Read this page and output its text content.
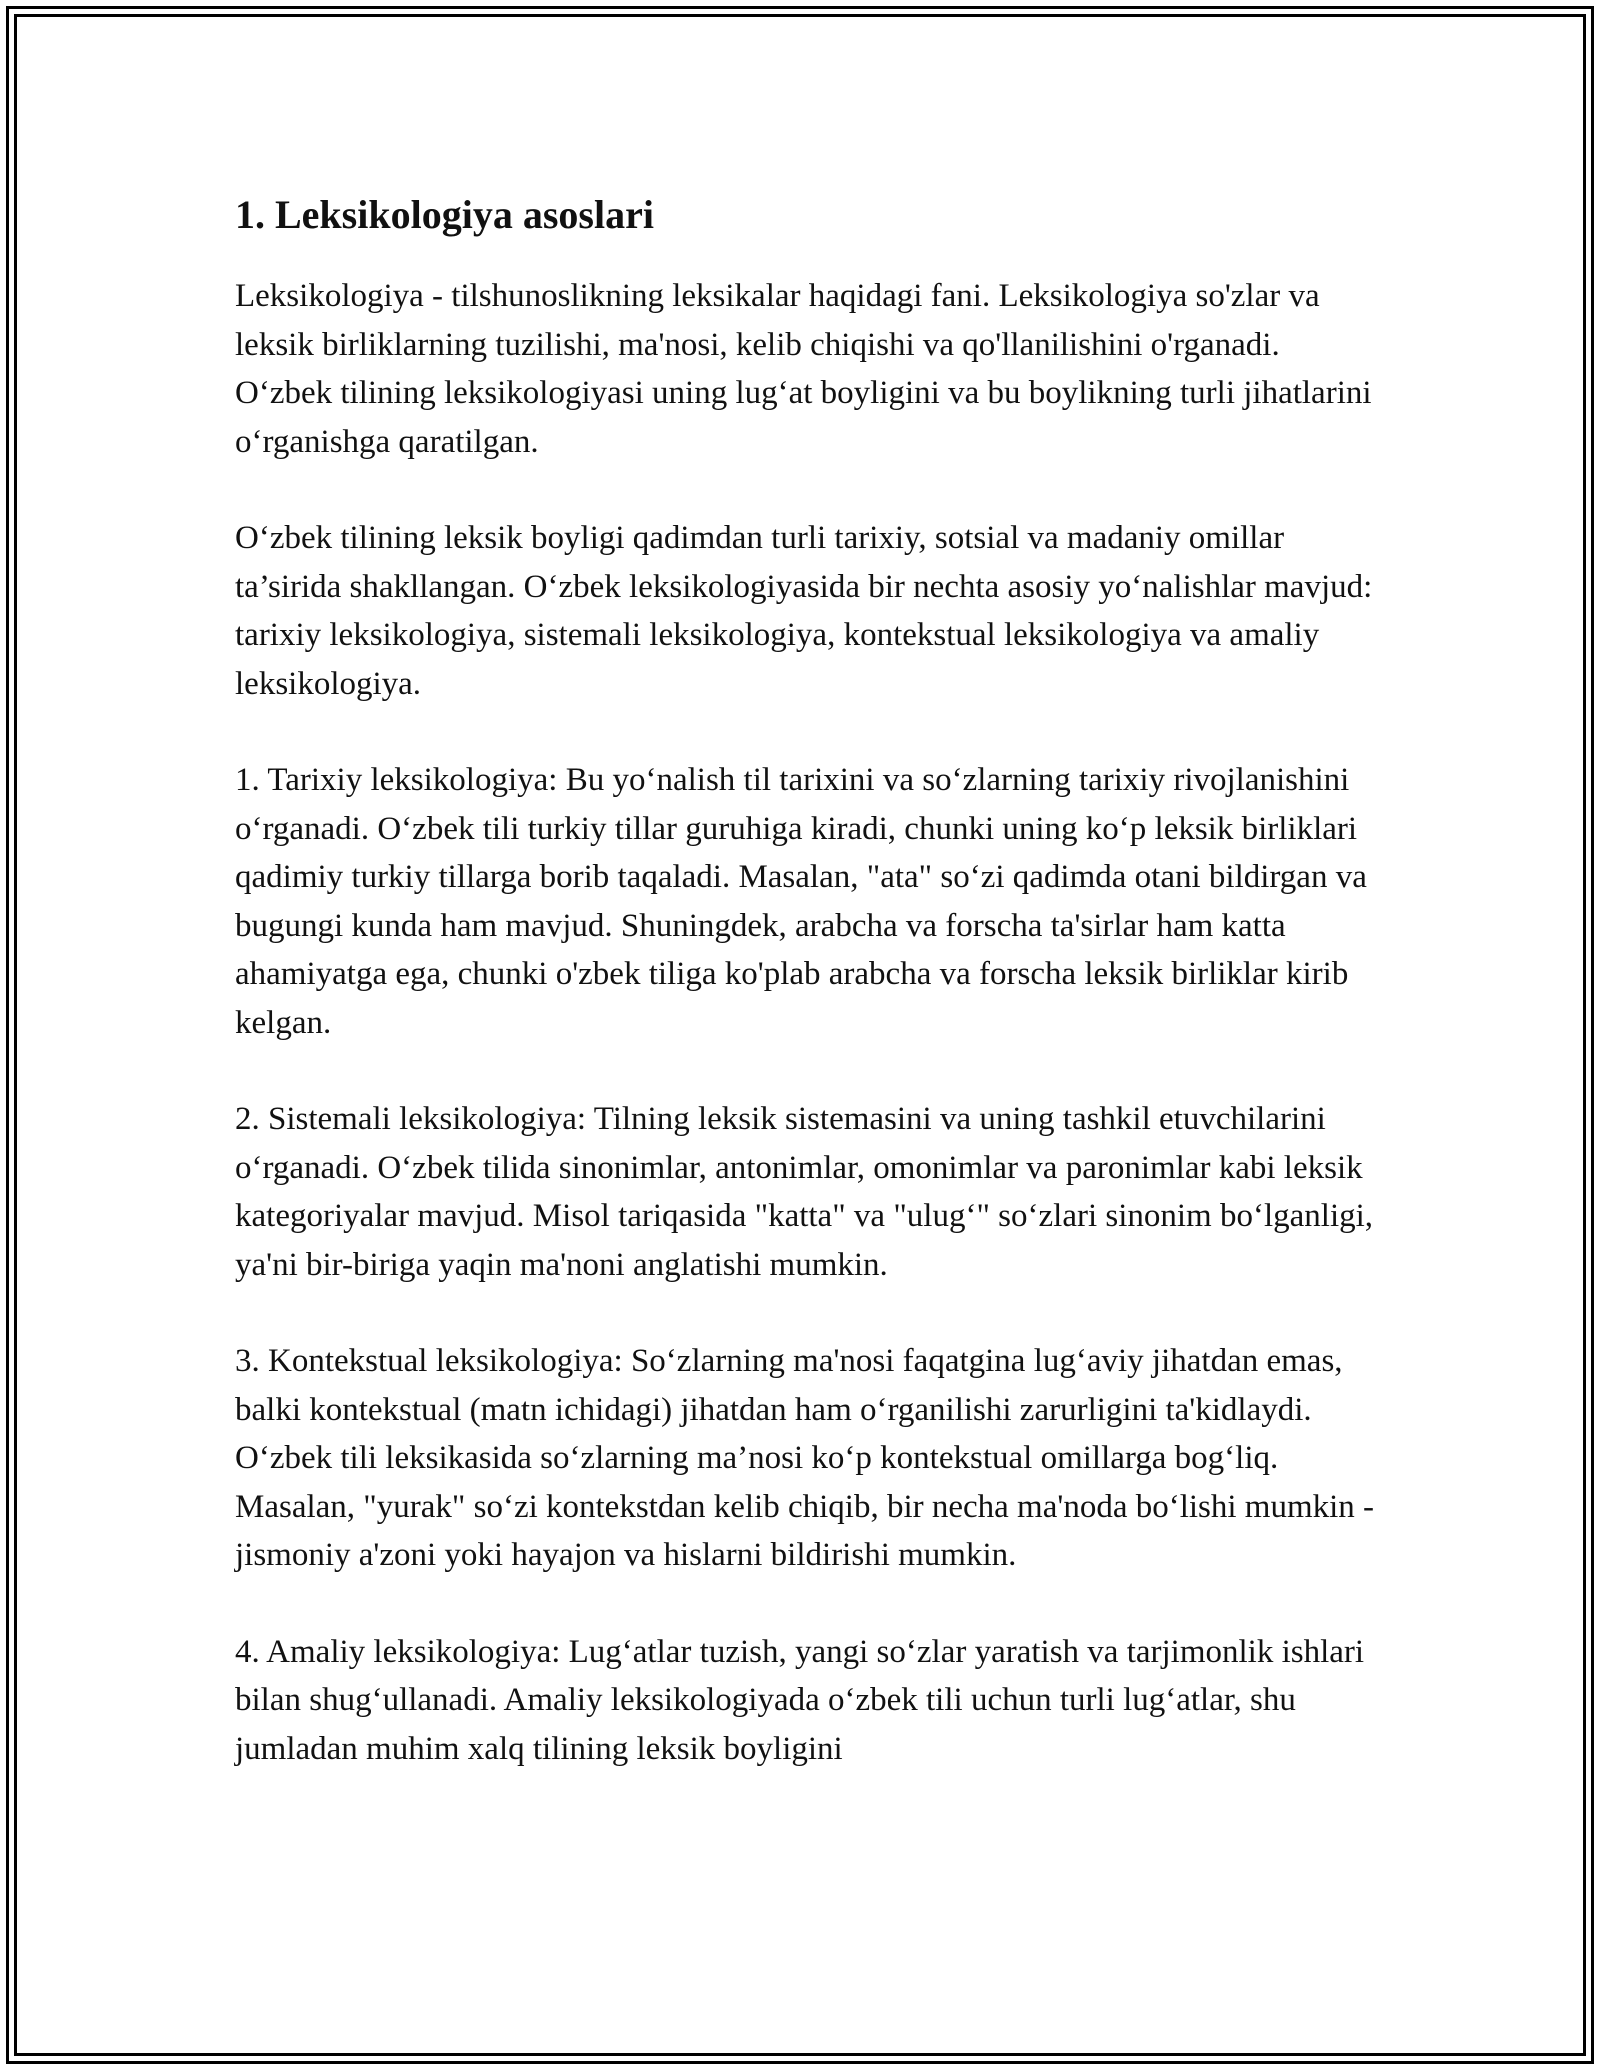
1. Leksikologiya asoslari

Leksikologiya - tilshunoslikning leksikalar haqidagi fani. Leksikologiya so'zlar va leksik birliklarning tuzilishi, ma'nosi, kelib chiqishi va qo'llanilishini o'rganadi. O‘zbek tilining leksikologiyasi uning lug‘at boyligini va bu boylikning turli jihatlarini o‘rganishga qaratilgan.

O‘zbek tilining leksik boyligi qadimdan turli tarixiy, sotsial va madaniy omillar ta’sirida shakllangan. O‘zbek leksikologiyasida bir nechta asosiy yo‘nalishlar mavjud: tarixiy leksikologiya, sistemali leksikologiya, kontekstual leksikologiya va amaliy leksikologiya.

1. Tarixiy leksikologiya: Bu yo‘nalish til tarixini va so‘zlarning tarixiy rivojlanishini o‘rganadi. O‘zbek tili turkiy tillar guruhiga kiradi, chunki uning ko‘p leksik birliklari qadimiy turkiy tillarga borib taqaladi. Masalan, "ata" so‘zi qadimda otani bildirgan va bugungi kunda ham mavjud. Shuningdek, arabcha va forscha ta'sirlar ham katta ahamiyatga ega, chunki o'zbek tiliga ko'plab arabcha va forscha leksik birliklar kirib kelgan.

2. Sistemali leksikologiya: Tilning leksik sistemasini va uning tashkil etuvchilarini o‘rganadi. O‘zbek tilida sinonimlar, antonimlar, omonimlar va paronimlar kabi leksik kategoriyalar mavjud. Misol tariqasida "katta" va "ulug‘" so‘zlari sinonim bo‘lganligi, ya'ni bir-biriga yaqin ma'noni anglatishi mumkin.

3. Kontekstual leksikologiya: So‘zlarning ma'nosi faqatgina lug‘aviy jihatdan emas, balki kontekstual (matn ichidagi) jihatdan ham o‘rganilishi zarurligini ta'kidlaydi. O‘zbek tili leksikasida so‘zlarning ma’nosi ko‘p kontekstual omillarga bog‘liq. Masalan, "yurak" so‘zi kontekstdan kelib chiqib, bir necha ma'noda bo‘lishi mumkin - jismoniy a'zoni yoki hayajon va hislarni bildirishi mumkin.

4. Amaliy leksikologiya: Lug‘atlar tuzish, yangi so‘zlar yaratish va tarjimonlik ishlari bilan shug‘ullanadi. Amaliy leksikologiyada o‘zbek tili uchun turli lug‘atlar, shu jumladan muhim xalq tilining leksik boyligini
